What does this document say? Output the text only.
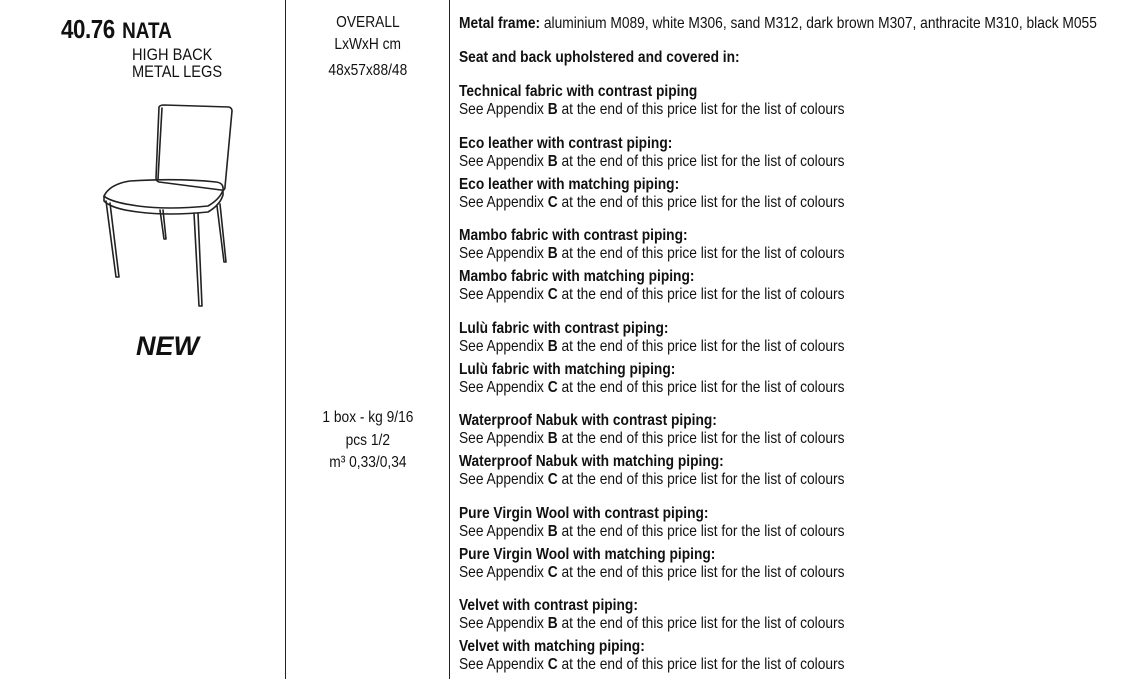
40.76 NATA
HIGH BACK
METAL LEGS
NEW
OVERALL
LxWxH cm
48x57x88/48
1 box - kg 9/16
pcs 1/2
m³ 0,33/0,34
Metal frame: aluminium M089, white M306, sand M312, dark brown M307, anthracite M310, black M055
Seat and back upholstered and covered in:
Technical fabric with contrast piping
See Appendix B at the end of this price list for the list of colours
Eco leather with contrast piping:
See Appendix B at the end of this price list for the list of colours
Eco leather with matching piping:
See Appendix C at the end of this price list for the list of colours
Mambo fabric with contrast piping:
See Appendix B at the end of this price list for the list of colours
Mambo fabric with matching piping:
See Appendix C at the end of this price list for the list of colours
Lulù fabric with contrast piping:
See Appendix B at the end of this price list for the list of colours
Lulù fabric with matching piping:
See Appendix C at the end of this price list for the list of colours
Waterproof Nabuk with contrast piping:
See Appendix B at the end of this price list for the list of colours
Waterproof Nabuk with matching piping:
See Appendix C at the end of this price list for the list of colours
Pure Virgin Wool with contrast piping:
See Appendix B at the end of this price list for the list of colours
Pure Virgin Wool with matching piping:
See Appendix C at the end of this price list for the list of colours
Velvet with contrast piping:
See Appendix B at the end of this price list for the list of colours
Velvet with matching piping:
See Appendix C at the end of this price list for the list of colours
